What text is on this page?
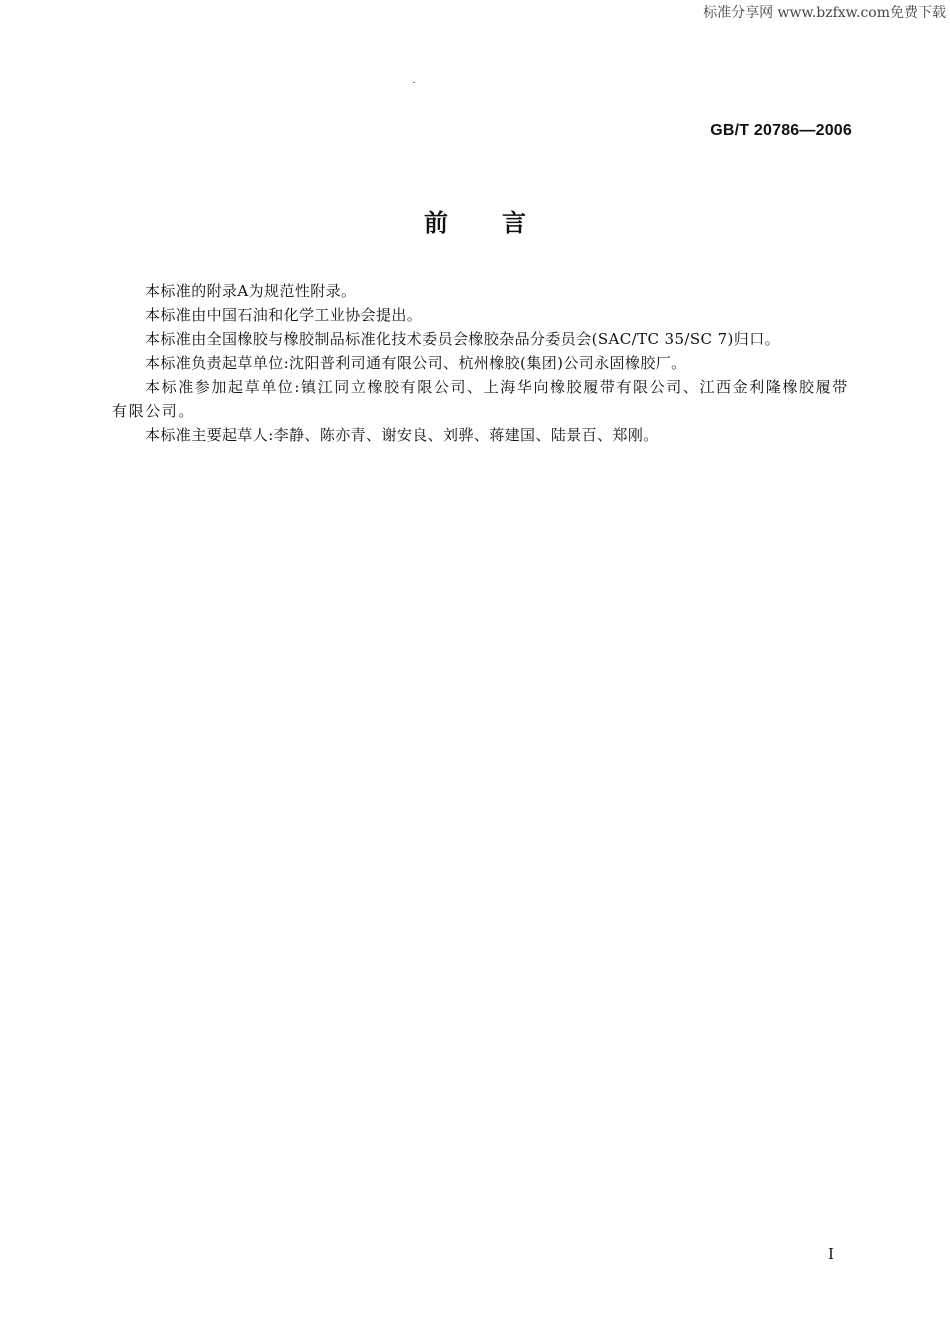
标准分享网 www.bzfxw.com免费下载
GB/T 20786—2006
前言

本标准的附录A为规范性附录。

本标准由中国石油和化学工业协会提出。

本标准由全国橡胶与橡胶制品标准化技术委员会橡胶杂品分委员会(SAC/TC 35/SC 7)归口。

本标准负责起草单位:沈阳普利司通有限公司、杭州橡胶(集团)公司永固橡胶厂。

本标准参加起草单位:镇江同立橡胶有限公司、上海华向橡胶履带有限公司、江西金利隆橡胶履带有限公司。

本标准主要起草人:李静、陈亦青、谢安良、刘骅、蒋建国、陆景百、郑刚。

I
